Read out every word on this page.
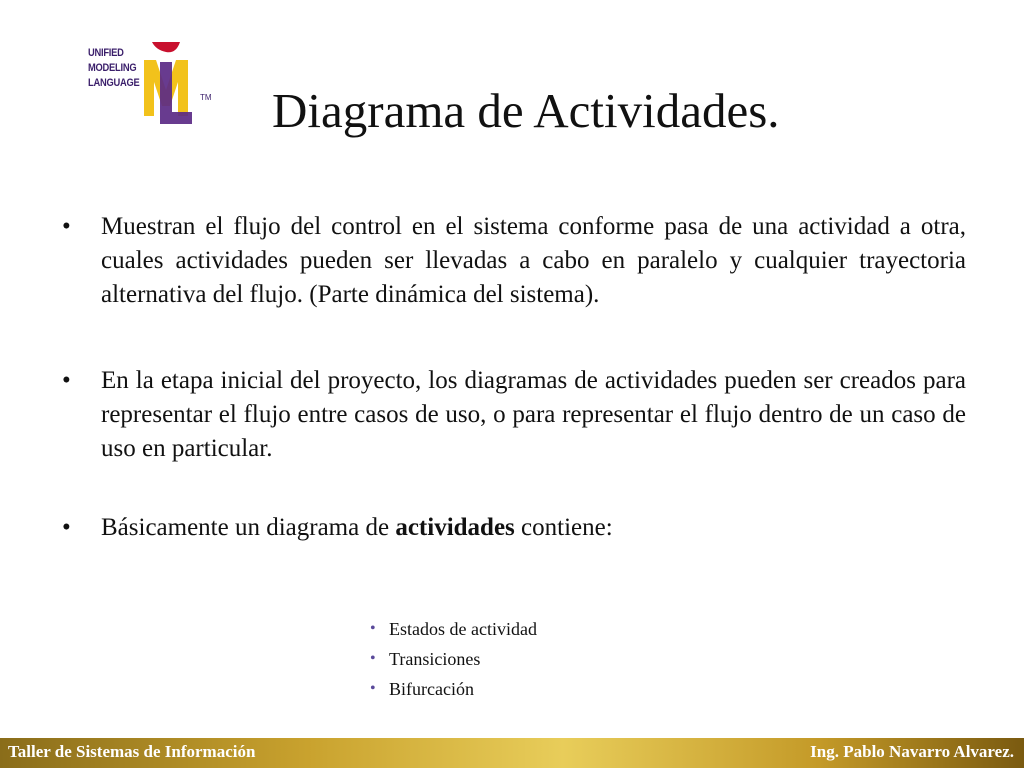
UNIFIED
MODELING
LANGUAGE
TM Diagrama de Actividades.
• Muestran el flujo del control en el sistema conforme pasa de una actividad a otra, cuales actividades pueden ser llevadas a cabo en paralelo y cualquier trayectoria alternativa del flujo. (Parte dinámica del sistema).
• En la etapa inicial del proyecto, los diagramas de actividades pueden ser creados para representar el flujo entre casos de uso, o para representar el flujo dentro de un caso de uso en particular.
• Básicamente un diagrama de actividades contiene:
• Estados de actividad
• Transiciones
• Bifurcación
Taller de Sistemas de Información	Ing. Pablo Navarro Alvarez.
